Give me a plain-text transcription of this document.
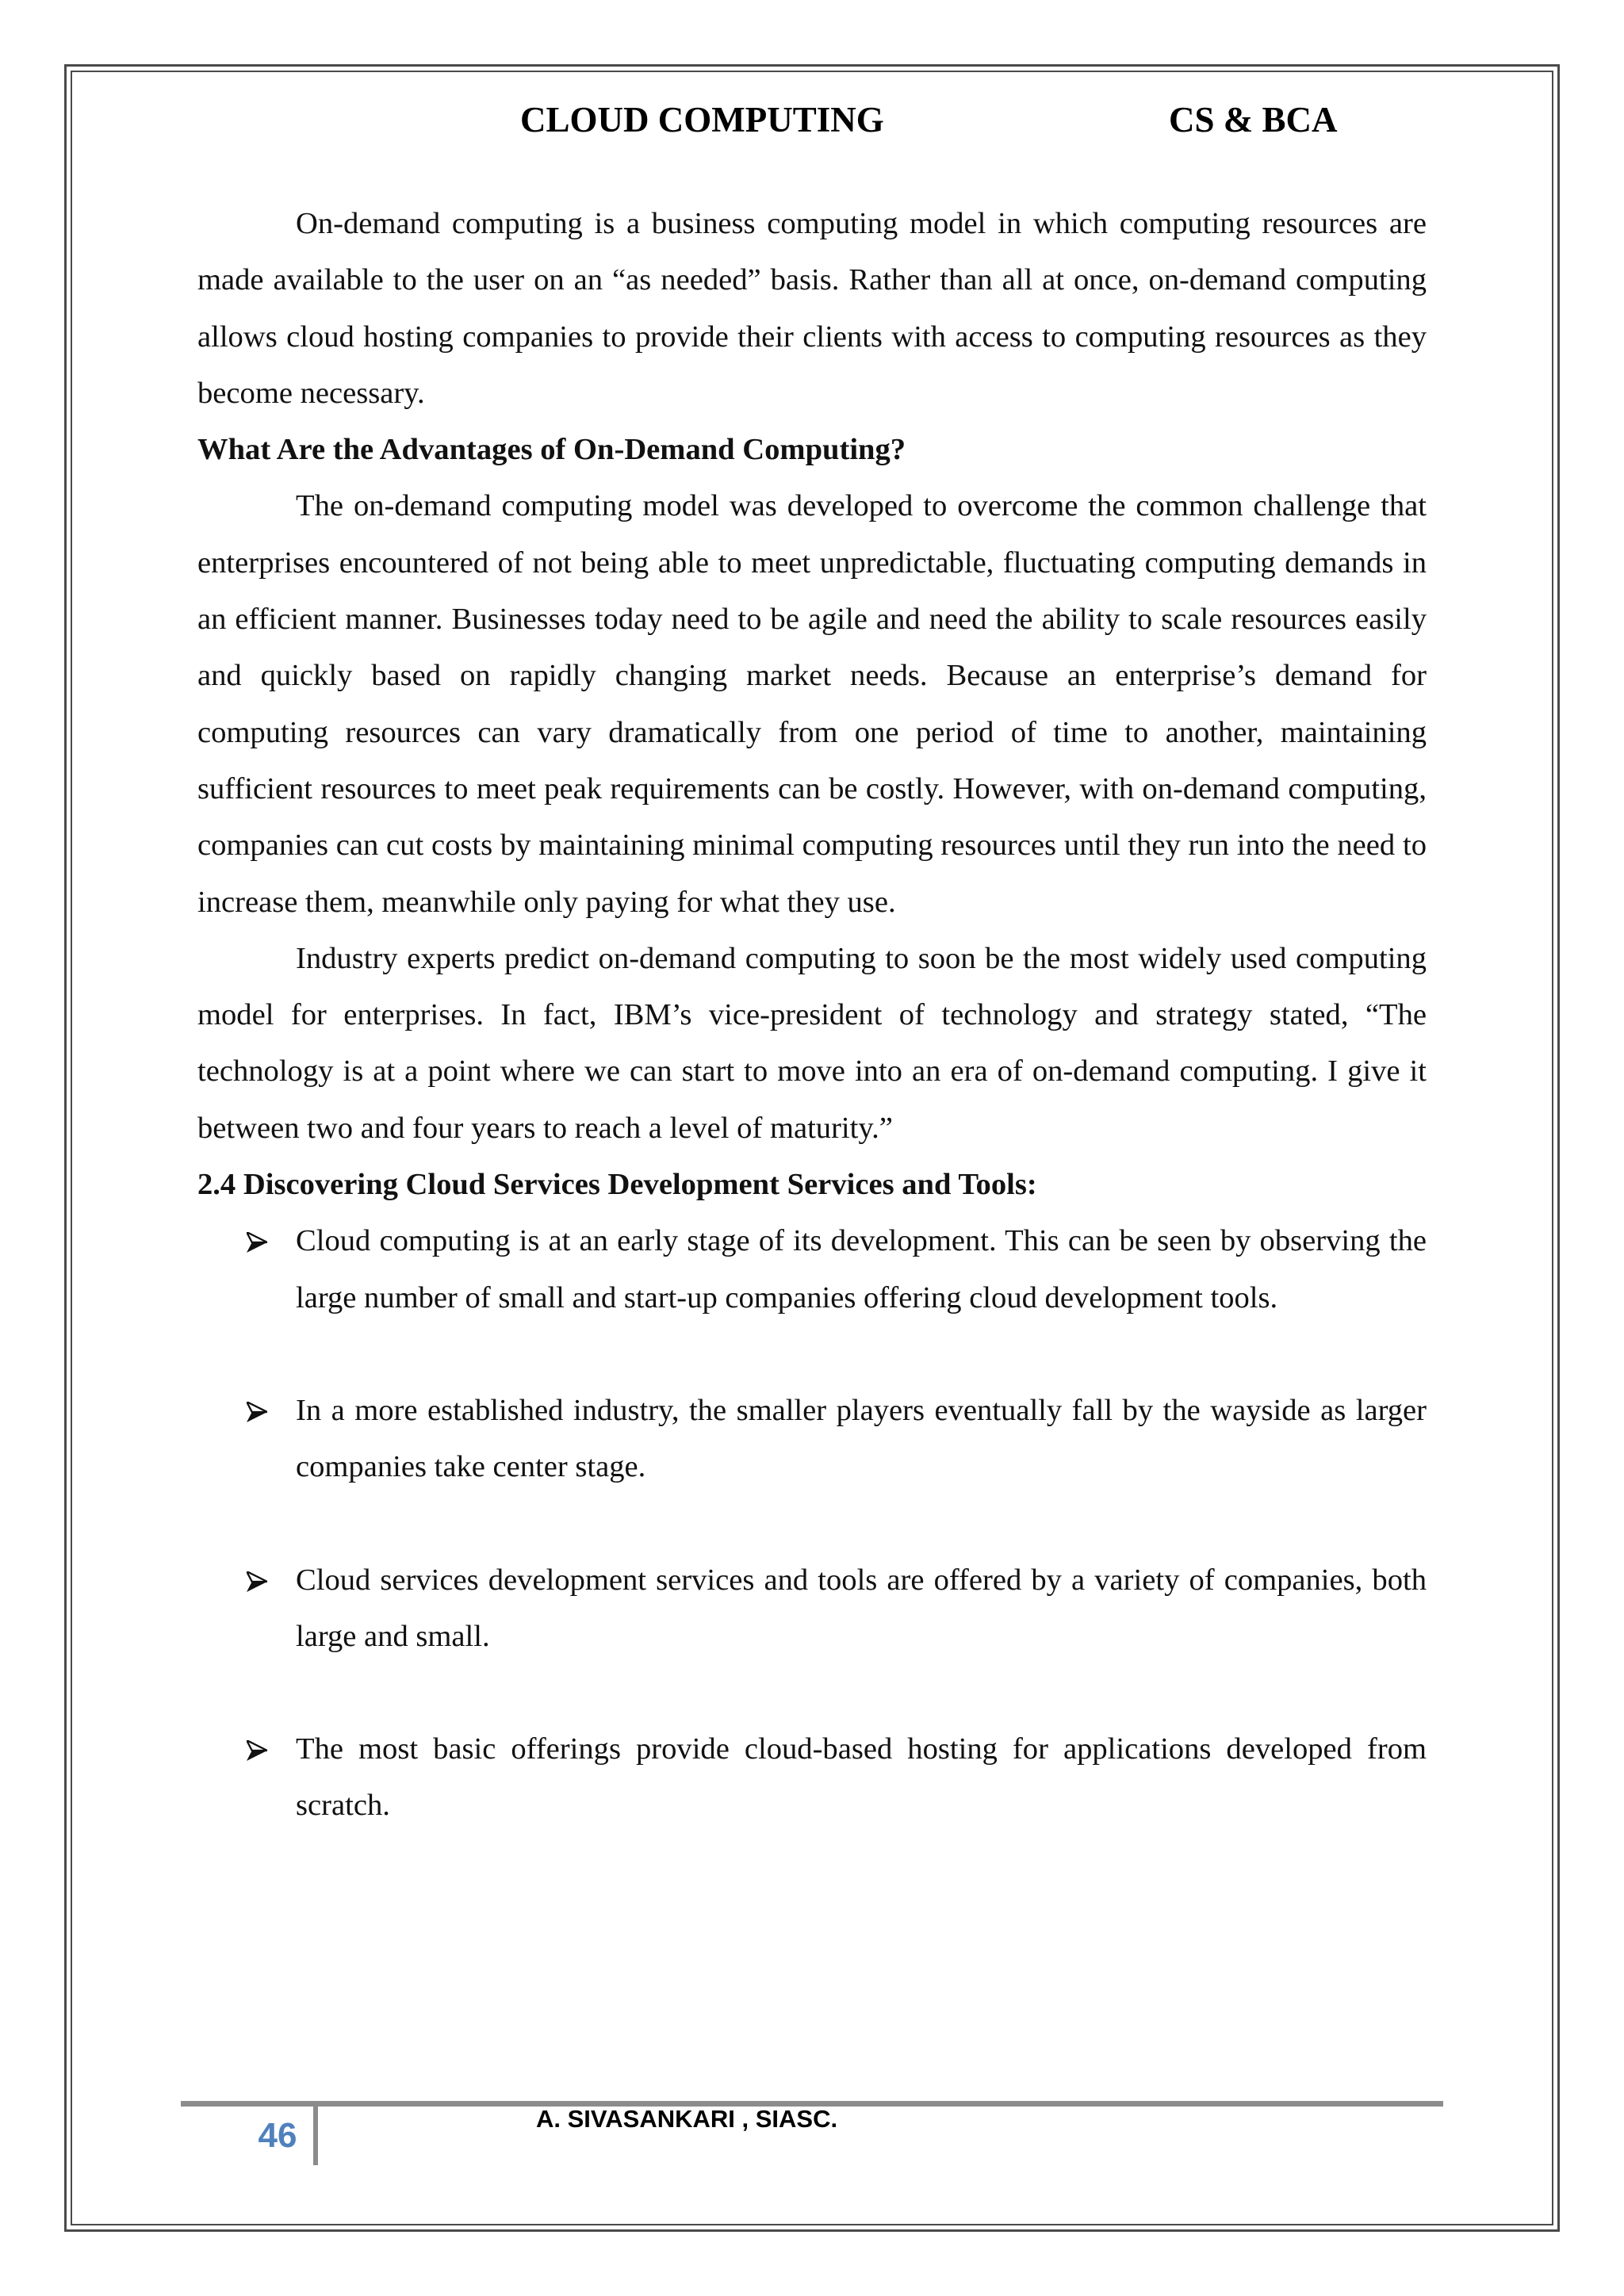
CLOUD COMPUTING	CS & BCA

On-demand computing is a business computing model in which computing resources are made available to the user on an “as needed” basis. Rather than all at once, on-demand computing allows cloud hosting companies to provide their clients with access to computing resources as they become necessary.

What Are the Advantages of On-Demand Computing?

The on-demand computing model was developed to overcome the common challenge that enterprises encountered of not being able to meet unpredictable, fluctuating computing demands in an efficient manner. Businesses today need to be agile and need the ability to scale resources easily and quickly based on rapidly changing market needs. Because an enterprise’s demand for computing resources can vary dramatically from one period of time to another, maintaining sufficient resources to meet peak requirements can be costly. However, with on-demand computing, companies can cut costs by maintaining minimal computing resources until they run into the need to increase them, meanwhile only paying for what they use.

Industry experts predict on-demand computing to soon be the most widely used computing model for enterprises. In fact, IBM’s vice-president of technology and strategy stated, “The technology is at a point where we can start to move into an era of on-demand computing. I give it between two and four years to reach a level of maturity.”

2.4 Discovering Cloud Services Development Services and Tools:

Cloud computing is at an early stage of its development. This can be seen by observing the large number of small and start-up companies offering cloud development tools.
In a more established industry, the smaller players eventually fall by the wayside as larger companies take center stage.
Cloud services development services and tools are offered by a variety of companies, both large and small.
The most basic offerings provide cloud-based hosting for applications developed from scratch.
46	A. SIVASANKARI , SIASC.
